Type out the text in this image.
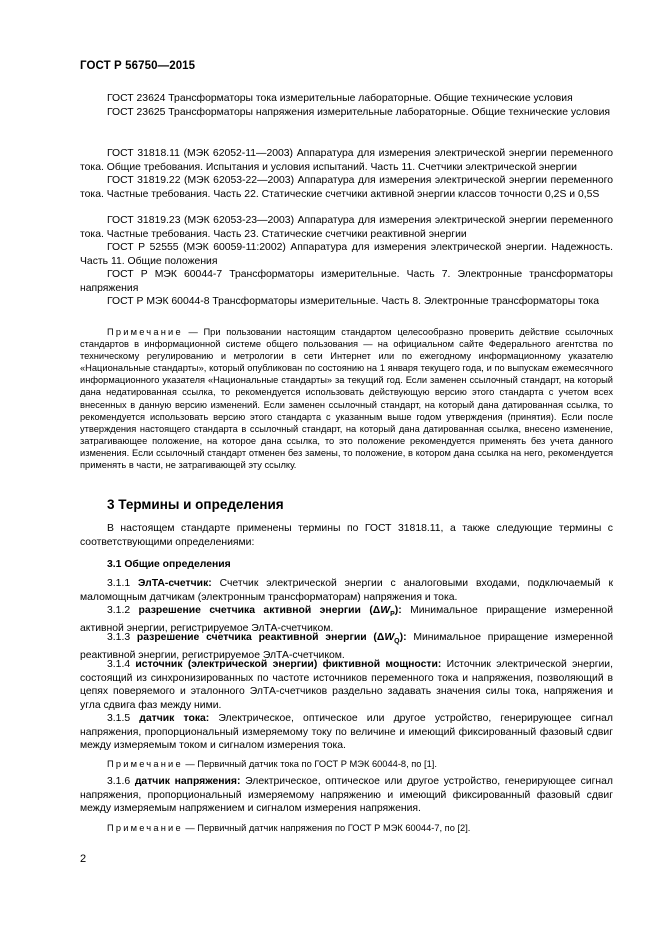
ГОСТ Р 56750—2015

ГОСТ 23624 Трансформаторы тока измерительные лабораторные. Общие технические условия

ГОСТ 23625 Трансформаторы напряжения измерительные лабораторные. Общие технические условия

ГОСТ 31818.11 (МЭК 62052-11—2003) Аппаратура для измерения электрической энергии переменного тока. Общие требования. Испытания и условия испытаний. Часть 11. Счетчики электрической энергии

ГОСТ 31819.22 (МЭК 62053-22—2003) Аппаратура для измерения электрической энергии переменного тока. Частные требования. Часть 22. Статические счетчики активной энергии классов точности 0,2S и 0,5S

ГОСТ 31819.23 (МЭК 62053-23—2003) Аппаратура для измерения электрической энергии переменного тока. Частные требования. Часть 23. Статические счетчики реактивной энергии

ГОСТ Р 52555 (МЭК 60059-11:2002) Аппаратура для измерения электрической энергии. Надежность. Часть 11. Общие положения

ГОСТ Р МЭК 60044-7 Трансформаторы измерительные. Часть 7. Электронные трансформаторы напряжения

ГОСТ Р МЭК 60044-8 Трансформаторы измерительные. Часть 8. Электронные трансформаторы тока

Примечание — При пользовании настоящим стандартом целесообразно проверить действие ссылочных стандартов в информационной системе общего пользования — на официальном сайте Федерального агентства по техническому регулированию и метрологии в сети Интернет или по ежегодному информационному указателю «Национальные стандарты», который опубликован по состоянию на 1 января текущего года, и по выпускам ежемесячного информационного указателя «Национальные стандарты» за текущий год. Если заменен ссылочный стандарт, на который дана недатированная ссылка, то рекомендуется использовать действующую версию этого стандарта с учетом всех внесенных в данную версию изменений. Если заменен ссылочный стандарт, на который дана датированная ссылка, то рекомендуется использовать версию этого стандарта с указанным выше годом утверждения (принятия). Если после утверждения настоящего стандарта в ссылочный стандарт, на который дана датированная ссылка, внесено изменение, затрагивающее положение, на которое дана ссылка, то это положение рекомендуется применять без учета данного изменения. Если ссылочный стандарт отменен без замены, то положение, в котором дана ссылка на него, рекомендуется применять в части, не затрагивающей эту ссылку.

3 Термины и определения

В настоящем стандарте применены термины по ГОСТ 31818.11, а также следующие термины с соответствующими определениями:

3.1 Общие определения

3.1.1 ЭлТА-счетчик: Счетчик электрической энергии с аналоговыми входами, подключаемый к маломощным датчикам (электронным трансформаторам) напряжения и тока.

3.1.2 разрешение счетчика активной энергии $(\Delta W_P)$: Минимальное приращение измеренной активной энергии, регистрируемое ЭлТА-счетчиком.

3.1.3 разрешение счетчика реактивной энергии $(\Delta W_Q)$: Минимальное приращение измеренной реактивной энергии, регистрируемое ЭлТА-счетчиком.

3.1.4 источник (электрической энергии) фиктивной мощности: Источник электрической энергии, состоящий из синхронизированных по частоте источников переменного тока и напряжения, позволяющий в цепях поверяемого и эталонного ЭлТА-счетчиков раздельно задавать значения силы тока, напряжения и угла сдвига фаз между ними.

3.1.5 датчик тока: Электрическое, оптическое или другое устройство, генерирующее сигнал напряжения, пропорциональный измеряемому току по величине и имеющий фиксированный фазовый сдвиг между измеряемым током и сигналом измерения тока.

Примечание — Первичный датчик тока по ГОСТ Р МЭК 60044-8, по [1].

3.1.6 датчик напряжения: Электрическое, оптическое или другое устройство, генерирующее сигнал напряжения, пропорциональный измеряемому напряжению и имеющий фиксированный фазовый сдвиг между измеряемым напряжением и сигналом измерения напряжения.

Примечание — Первичный датчик напряжения по ГОСТ Р МЭК 60044-7, по [2].

2
